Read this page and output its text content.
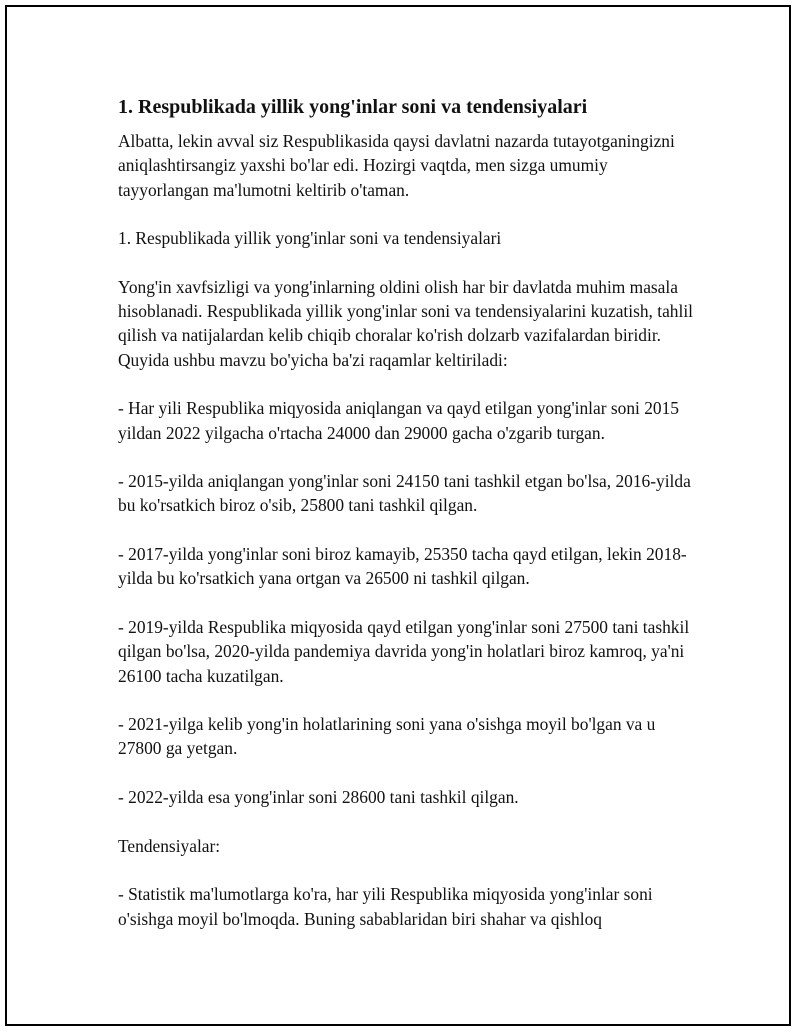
1. Respublikada yillik yong'inlar soni va tendensiyalari

Albatta, lekin avval siz Respublikasida qaysi davlatni nazarda tutayotganingizni aniqlashtirsangiz yaxshi bo'lar edi. Hozirgi vaqtda, men sizga umumiy tayyorlangan ma'lumotni keltirib o'taman.

1. Respublikada yillik yong'inlar soni va tendensiyalari

Yong'in xavfsizligi va yong'inlarning oldini olish har bir davlatda muhim masala hisoblanadi. Respublikada yillik yong'inlar soni va tendensiyalarini kuzatish, tahlil qilish va natijalardan kelib chiqib choralar ko'rish dolzarb vazifalardan biridir. Quyida ushbu mavzu bo'yicha ba'zi raqamlar keltiriladi:

- Har yili Respublika miqyosida aniqlangan va qayd etilgan yong'inlar soni 2015 yildan 2022 yilgacha o'rtacha 24000 dan 29000 gacha o'zgarib turgan.

- 2015-yilda aniqlangan yong'inlar soni 24150 tani tashkil etgan bo'lsa, 2016-yilda bu ko'rsatkich biroz o'sib, 25800 tani tashkil qilgan.

- 2017-yilda yong'inlar soni biroz kamayib, 25350 tacha qayd etilgan, lekin 2018-yilda bu ko'rsatkich yana ortgan va 26500 ni tashkil qilgan.

- 2019-yilda Respublika miqyosida qayd etilgan yong'inlar soni 27500 tani tashkil qilgan bo'lsa, 2020-yilda pandemiya davrida yong'in holatlari biroz kamroq, ya'ni 26100 tacha kuzatilgan.

- 2021-yilga kelib yong'in holatlarining soni yana o'sishga moyil bo'lgan va u 27800 ga yetgan.

- 2022-yilda esa yong'inlar soni 28600 tani tashkil qilgan.

Tendensiyalar:

- Statistik ma'lumotlarga ko'ra, har yili Respublika miqyosida yong'inlar soni o'sishga moyil bo'lmoqda. Buning sabablaridan biri shahar va qishloq
